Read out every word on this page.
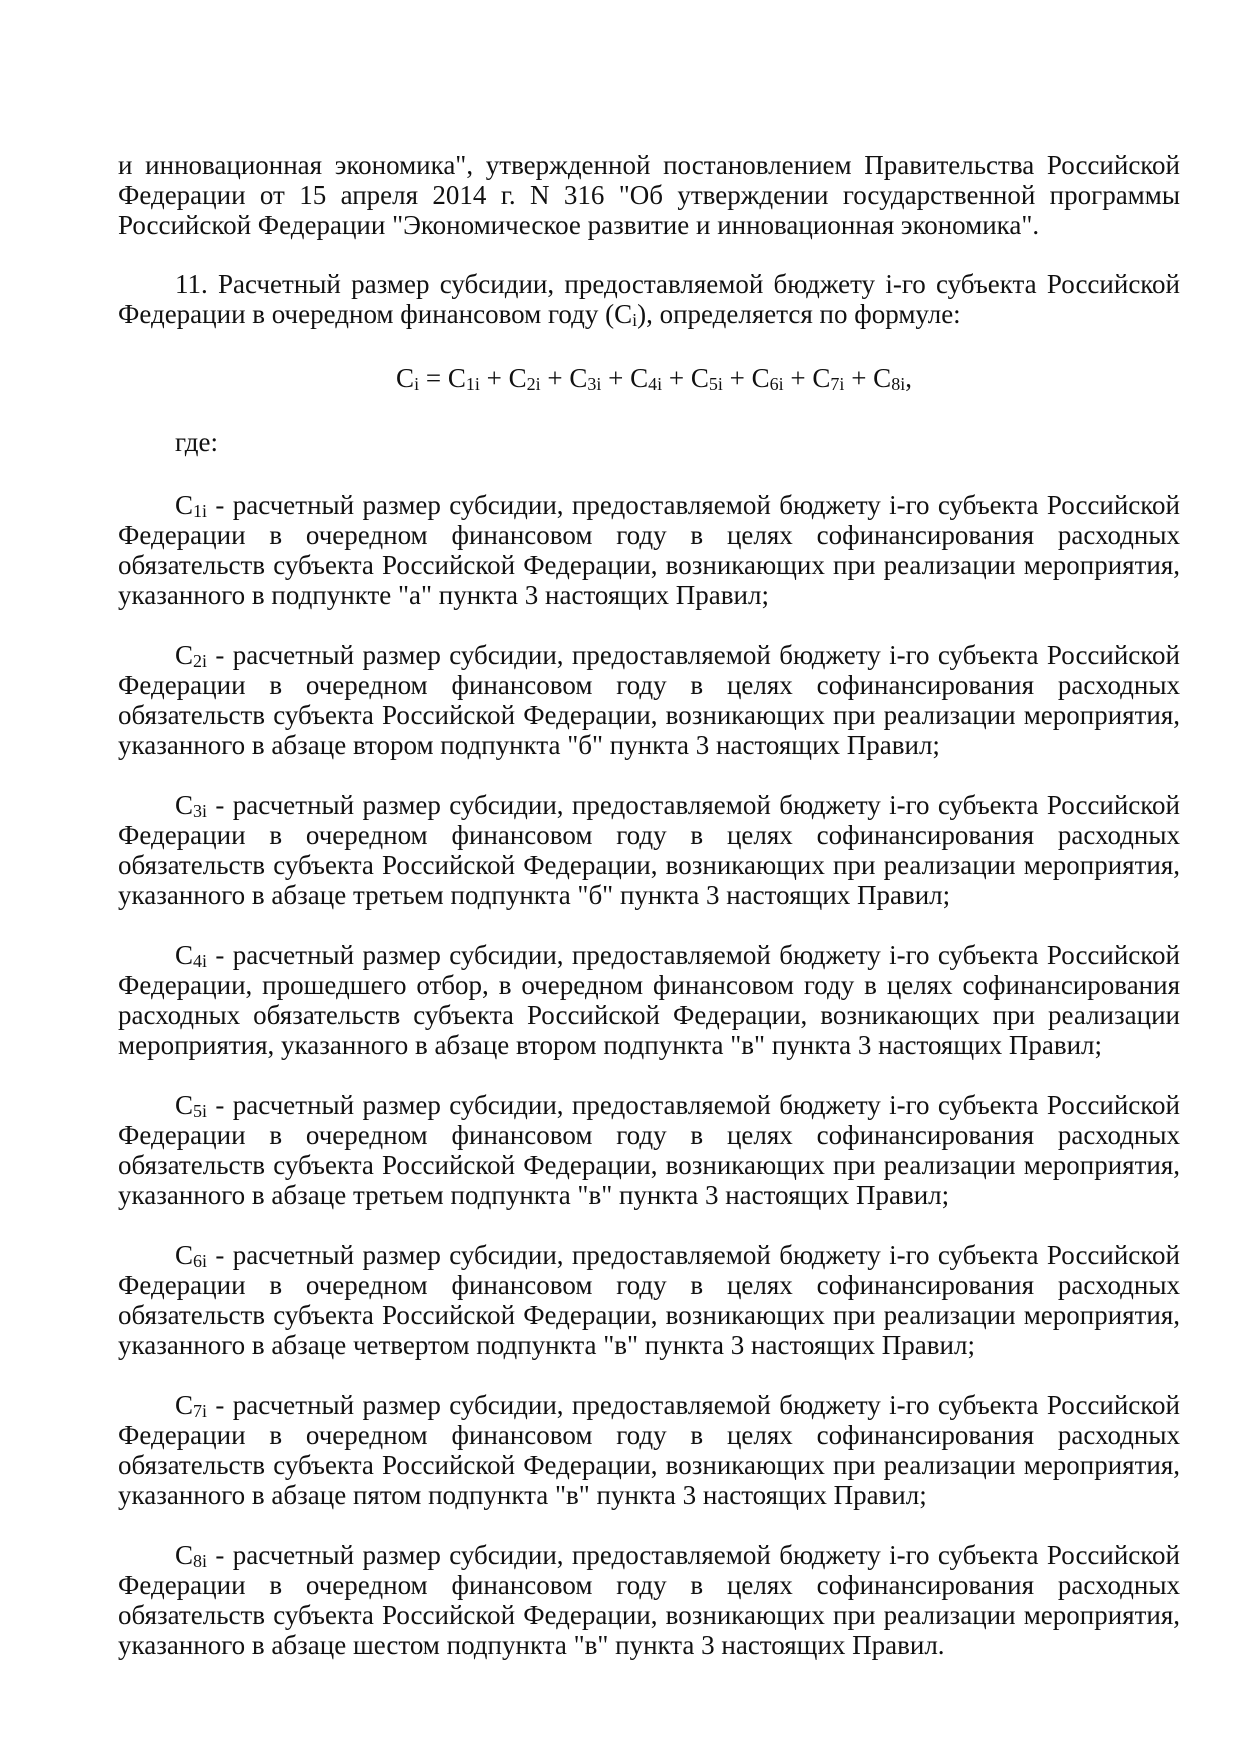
и инновационная экономика", утвержденной постановлением Правительства Российской Федерации от 15 апреля 2014 г. N 316 "Об утверждении государственной программы Российской Федерации "Экономическое развитие и инновационная экономика".

11. Расчетный размер субсидии, предоставляемой бюджету i-го субъекта Российской Федерации в очередном финансовом году $(C_i)$, определяется по формуле:

$C_i = C_{1i} + C_{2i} + C_{3i} + C_{4i} + C_{5i} + C_{6i} + C_{7i} + C_{8i}$,

где:

$C_{1i}$ - расчетный размер субсидии, предоставляемой бюджету i-го субъекта Российской Федерации в очередном финансовом году в целях софинансирования расходных обязательств субъекта Российской Федерации, возникающих при реализации мероприятия, указанного в подпункте "а" пункта 3 настоящих Правил;

$C_{2i}$ - расчетный размер субсидии, предоставляемой бюджету i-го субъекта Российской Федерации в очередном финансовом году в целях софинансирования расходных обязательств субъекта Российской Федерации, возникающих при реализации мероприятия, указанного в абзаце втором подпункта "б" пункта 3 настоящих Правил;

$C_{3i}$ - расчетный размер субсидии, предоставляемой бюджету i-го субъекта Российской Федерации в очередном финансовом году в целях софинансирования расходных обязательств субъекта Российской Федерации, возникающих при реализации мероприятия, указанного в абзаце третьем подпункта "б" пункта 3 настоящих Правил;

$C_{4i}$ - расчетный размер субсидии, предоставляемой бюджету i-го субъекта Российской Федерации, прошедшего отбор, в очередном финансовом году в целях софинансирования расходных обязательств субъекта Российской Федерации, возникающих при реализации мероприятия, указанного в абзаце втором подпункта "в" пункта 3 настоящих Правил;

$C_{5i}$ - расчетный размер субсидии, предоставляемой бюджету i-го субъекта Российской Федерации в очередном финансовом году в целях софинансирования расходных обязательств субъекта Российской Федерации, возникающих при реализации мероприятия, указанного в абзаце третьем подпункта "в" пункта 3 настоящих Правил;

$C_{6i}$ - расчетный размер субсидии, предоставляемой бюджету i-го субъекта Российской Федерации в очередном финансовом году в целях софинансирования расходных обязательств субъекта Российской Федерации, возникающих при реализации мероприятия, указанного в абзаце четвертом подпункта "в" пункта 3 настоящих Правил;

$C_{7i}$ - расчетный размер субсидии, предоставляемой бюджету i-го субъекта Российской Федерации в очередном финансовом году в целях софинансирования расходных обязательств субъекта Российской Федерации, возникающих при реализации мероприятия, указанного в абзаце пятом подпункта "в" пункта 3 настоящих Правил;

$C_{8i}$ - расчетный размер субсидии, предоставляемой бюджету i-го субъекта Российской Федерации в очередном финансовом году в целях софинансирования расходных обязательств субъекта Российской Федерации, возникающих при реализации мероприятия, указанного в абзаце шестом подпункта "в" пункта 3 настоящих Правил.
